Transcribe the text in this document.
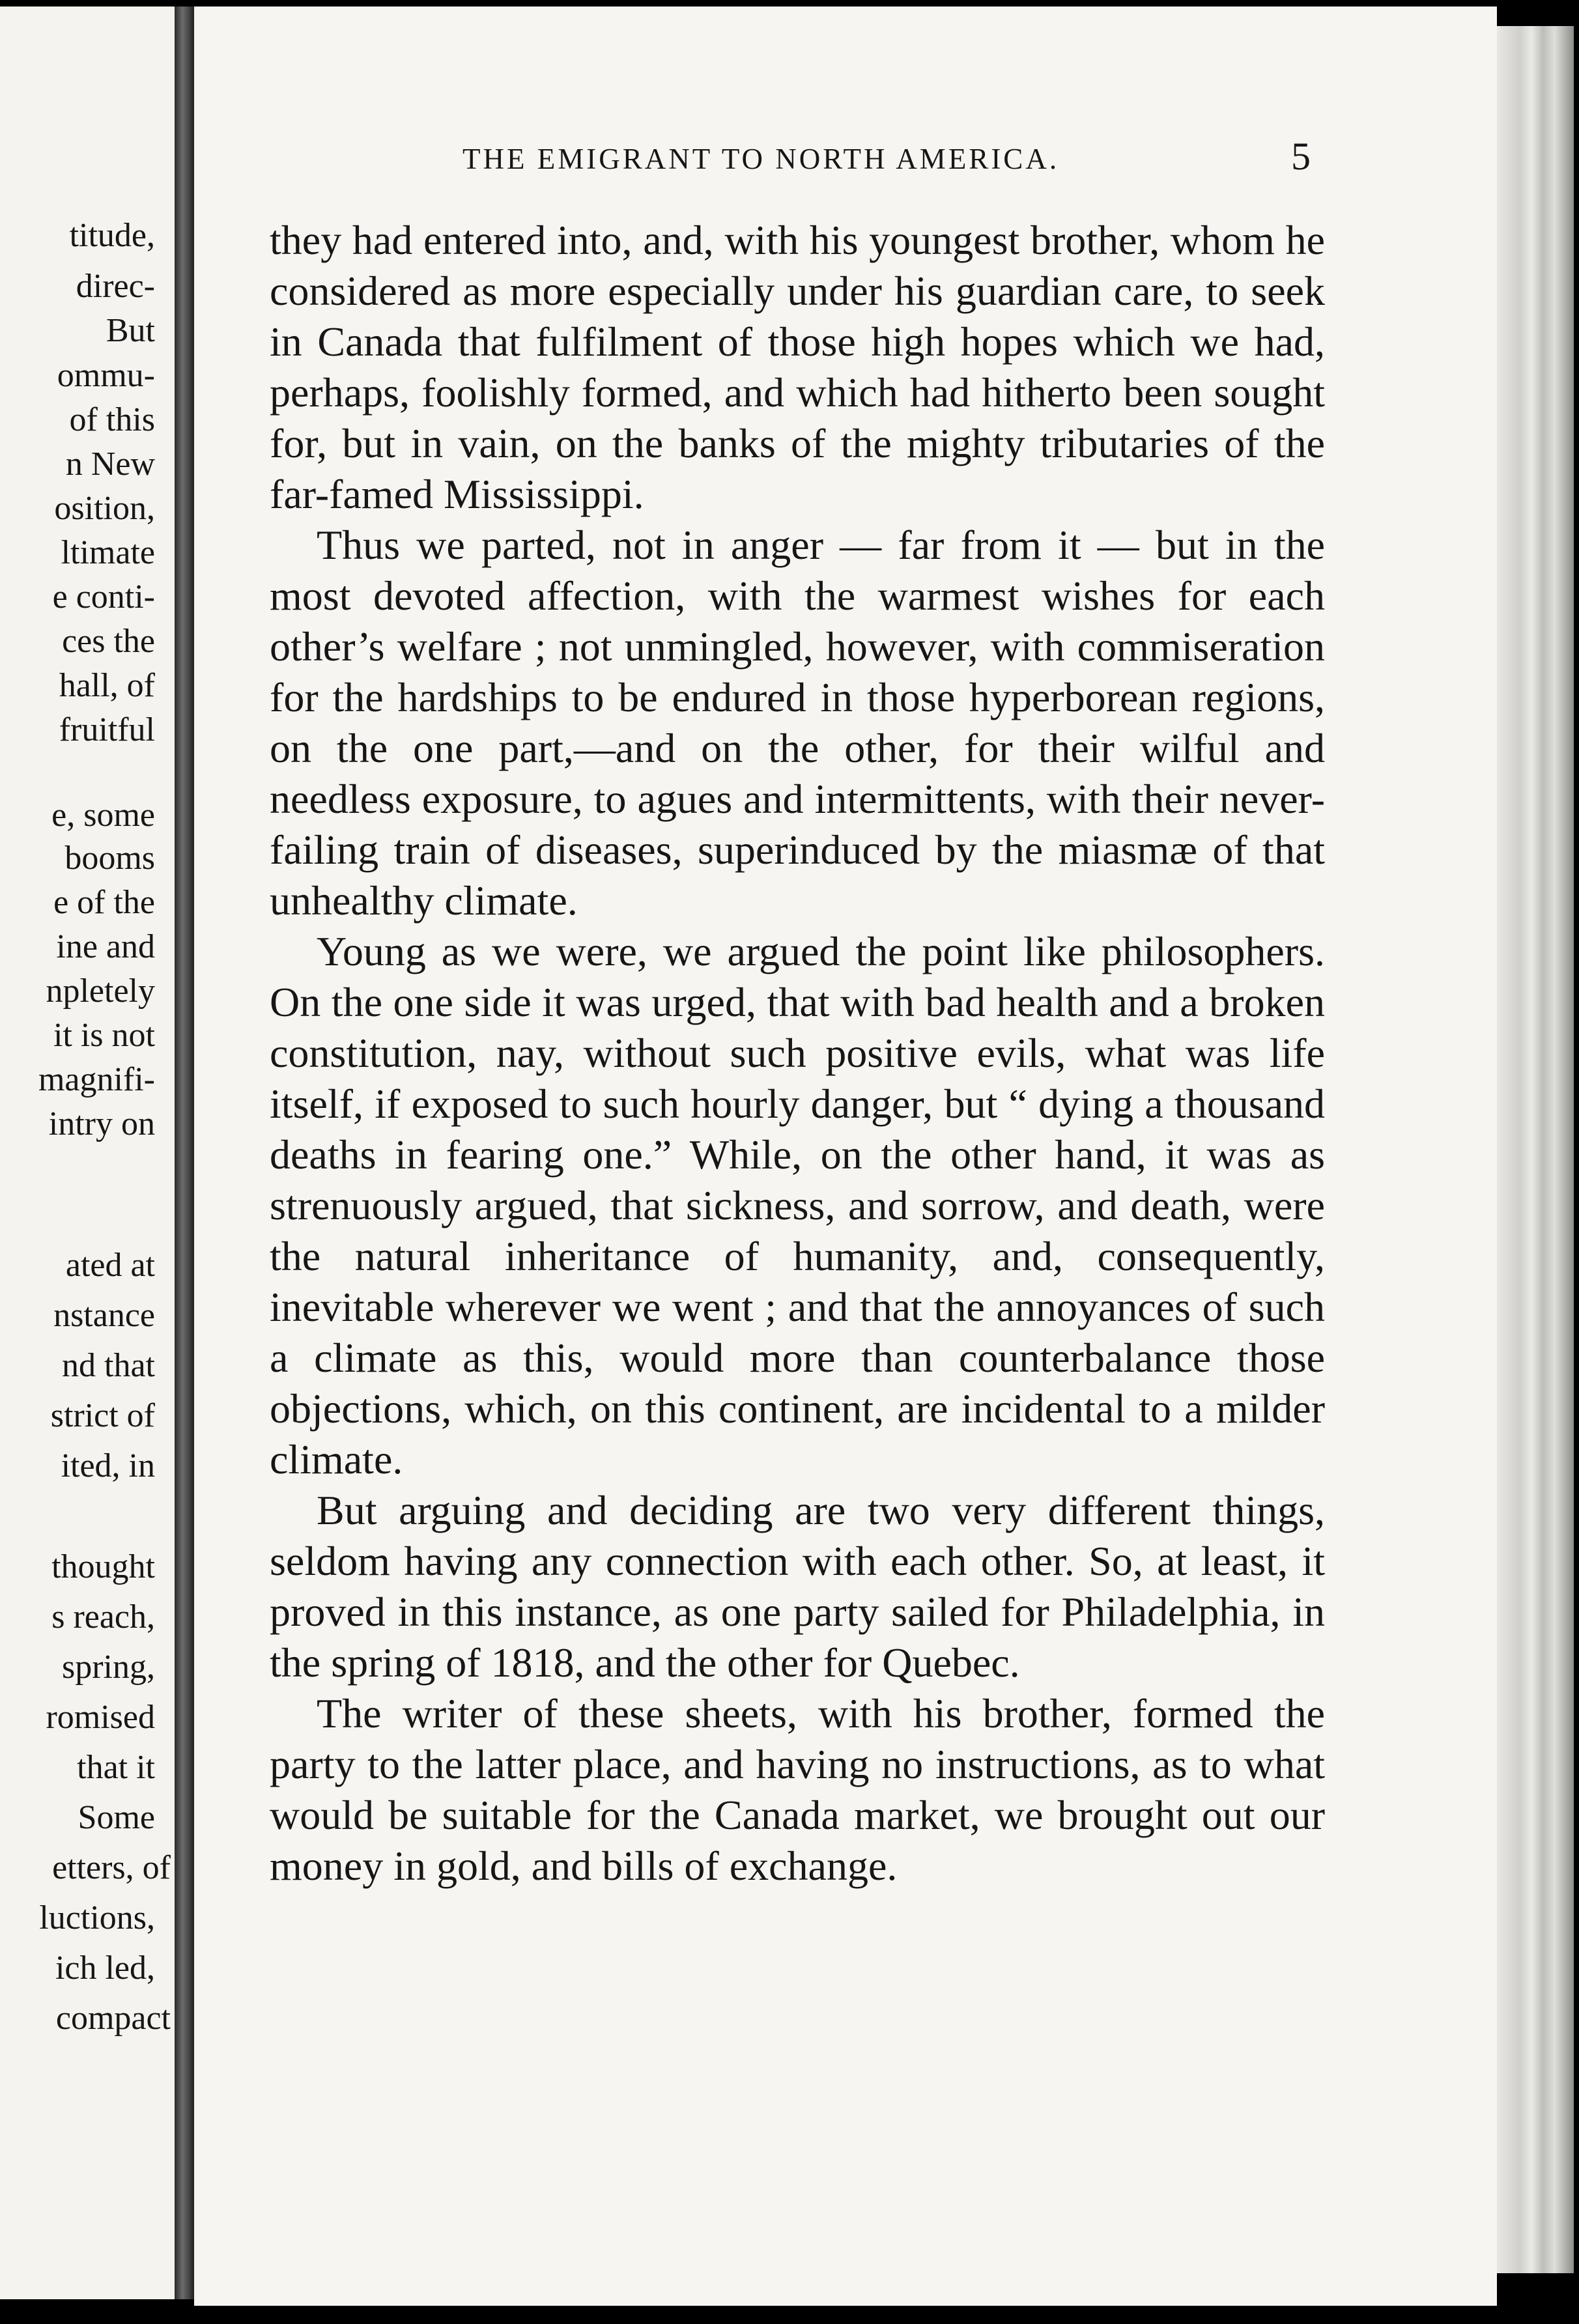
titude,
direc-
But
ommu-
of this
n New
osition,
ltimate
e conti-
ces the
hall, of
fruitful
e, some
booms
e of the
ine and
npletely
it is not
magnifi-
intry on
ated at
nstance
nd that
strict of
ited, in
thought
s reach,
spring,
romised
that it
Some
etters, of
luctions,
ich led,
compact
THE EMIGRANT TO NORTH AMERICA.	5

they had entered into, and, with his youngest brother, whom he considered as more especially under his guardian care, to seek in Canada that fulfilment of those high hopes which we had, perhaps, foolishly formed, and which had hitherto been sought for, but in vain, on the banks of the mighty tributaries of the far-famed Mississippi.

Thus we parted, not in anger — far from it — but in the most devoted affection, with the warmest wishes for each other’s welfare ; not unmingled, however, with commiseration for the hardships to be endured in those hyperborean regions, on the one part,—and on the other, for their wilful and needless exposure, to agues and intermittents, with their never-failing train of diseases, superinduced by the miasmæ of that unhealthy climate.

Young as we were, we argued the point like philosophers. On the one side it was urged, that with bad health and a broken constitution, nay, without such positive evils, what was life itself, if exposed to such hourly danger, but “ dying a thousand deaths in fearing one.” While, on the other hand, it was as strenuously argued, that sickness, and sorrow, and death, were the natural inheritance of humanity, and, consequently, inevitable wherever we went ; and that the annoyances of such a climate as this, would more than counterbalance those objections, which, on this continent, are incidental to a milder climate.

But arguing and deciding are two very different things, seldom having any connection with each other. So, at least, it proved in this instance, as one party sailed for Philadelphia, in the spring of 1818, and the other for Quebec.

The writer of these sheets, with his brother, formed the party to the latter place, and having no instructions, as to what would be suitable for the Canada market, we brought out our money in gold, and bills of exchange.
